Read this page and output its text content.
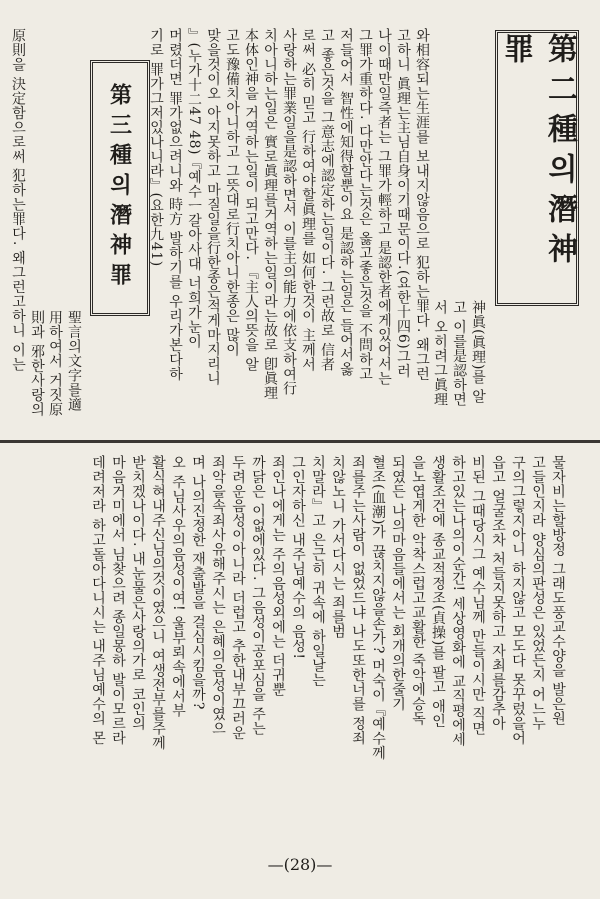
第二種의潛神罪
神眞(眞理)를 알
고 이를是認하면
서 오히려그眞理
와相容되는生涯를 보내지않음으로 犯하는罪다. 왜그런
고하니 眞理는主님自身이기때문이다.(요한十四6)그러
나이때만일즉者는 그罪가輕하고 是認한者에게있어서는
그罪가重하다. 다만안다는것은 옳고좋은것을 不問하고
저들어서 智性에知得할뿐이요 是認하는일은 들어서옳
고 좋은것을 그意志에認定하는일이다. 그런故로 信者
로써 必히 믿고 行하여야할眞理를 如何한것이 主께서
사랑하는罪業일을是認하면서 이를主의能力에依支하여行
치아니하는일은 實로眞理를거역하는일이라는故로 卽眞理
本体인神을 거역하는일이 되고만다. 『主人의뜻을 알
고도豫備치아니하고 그뜻대로行치아니한종은 많이
맞을것이오 아지못하고 마질일을行한종은적게마지리니
』(누가十二47 48)『예수ㅡ갈아사대 너희가눈이
머렸더면 罪가없으려니와 時方 발하기를 우리가본다하
기로 罪가그저있나니라』(요한九41)
第三種의潛神罪
聖言의文字를適
用하여서 거짓原
則과 邪한사랑의
原則을 決定함으로써 犯하는罪다. 왜그런고하니 이는
물자비는할방정 그래도풍교수양을 발은원
고들인지라 양심의판성은 있었든지 어느누
구의그렇지아니 하지않고 모도다 못꾸렀을어
읍고 얼굴조차 처들지못하고 자최를감추아
비된 그때당시그 예수님께 만들이시만 직면
하고있는나의이순간! 세상영화에 교직평에세
생활조건에 종교적정조(貞操)를 팔고 애인
을노엽게한 악착스럽고교활한 죽악에승독
되였든 나의마음들에서는 회개의한줄기
혈조(血潮)가 끊치지않을손가? 머숙이『예수께
죄를주는사람이 없었드냐 나도또한너를 정죄
치않노니 가서다시는 죄를범
치말라』고 은근히 귀속에 하일날는
그인자하신 내주님예수의 음성!
죄인나에게는 주의음성외에는 더귀뿐
까닭은 이없에있다. 그음성이공포심을 주는
두려운음성이아니라 더럽고 추한내부끄러운
죄악을속죄사유해주시는 은혜의음성이였으
며 나의진정한 재출발을 걸심시킴을까?
오 주님사우의음성이여! 울부뢰속에서부
활식혀내주신님의것이였으니 여생전부를주께
받치겠나이다. 내눈물은사랑의가로 코인의
마음거미에서 님찾으려 종일몽하 발이모르라
데려저라 하고돌아다니시는 내주님예수의 몬
—(28)—
